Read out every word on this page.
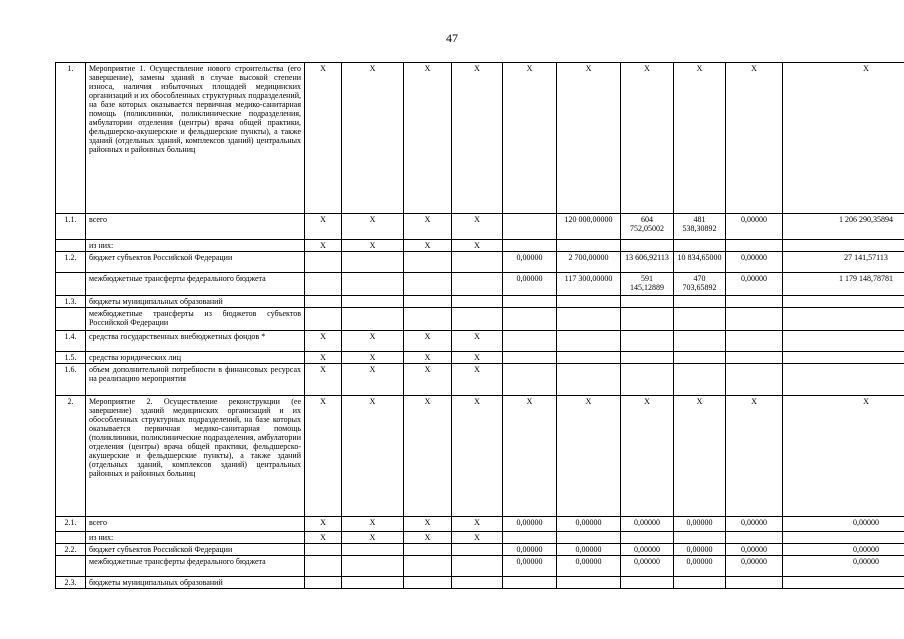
47
1.	Мероприятие 1. Осуществление нового строительства (его завершение), замены зданий в случае высокой степени износа, наличия избыточных площадей медицинских организаций и их обособленных структурных подразделений, на базе которых оказывается первичная медико-санитарная помощь (поликлиники, поликлинические подразделения, амбулатории отделения (центры) врача общей практики, фельдшерско-акушерские и фельдшерские пункты), а также зданий (отдельных зданий, комплексов зданий) центральных районных и районных больниц	X	X	X	X	X	X	X	X	X	X
1.1.	всего	X	X	X	X		120 000,00000	604 752,05002	481 538,30892	0,00000	1 206 290,35894
	из них:	X	X	X	X						
1.2.	бюджет субъектов Российской Федерации					0,00000	2 700,00000	13 606,92113	10 834,65000	0,00000	27 141,57113
	межбюджетные трансферты федерального бюджета					0,00000	117 300,00000	591 145,12889	470 703,65892	0,00000	1 179 148,78781
1.3.	бюджеты муниципальных образований										
	межбюджетные трансферты из бюджетов субъектов Российской Федерации										
1.4.	средства государственных внебюджетных фондов *	X	X	X	X						
1.5.	средства юридических лиц	X	X	X	X						
1.6.	объем дополнительной потребности в финансовых ресурсах на реализацию мероприятия	X	X	X	X						
2.	Мероприятие 2. Осуществление реконструкции (ее завершение) зданий медицинских организаций и их обособленных структурных подразделений, на базе которых оказывается первичная медико-санитарная помощь (поликлиники, поликлинические подразделения, амбулатории отделения (центры) врача общей практики, фельдшерско-акушерские и фельдшерские пункты), а также зданий (отдельных зданий, комплексов зданий) центральных районных и районных больниц	X	X	X	X	X	X	X	X	X	X
2.1.	всего	X	X	X	X	0,00000	0,00000	0,00000	0,00000	0,00000	0,00000
	из них:	X	X	X	X						
2.2.	бюджет субъектов Российской Федерации					0,00000	0,00000	0,00000	0,00000	0,00000	0,00000
	межбюджетные трансферты федерального бюджета					0,00000	0,00000	0,00000	0,00000	0,00000	0,00000
2.3.	бюджеты муниципальных образований										
